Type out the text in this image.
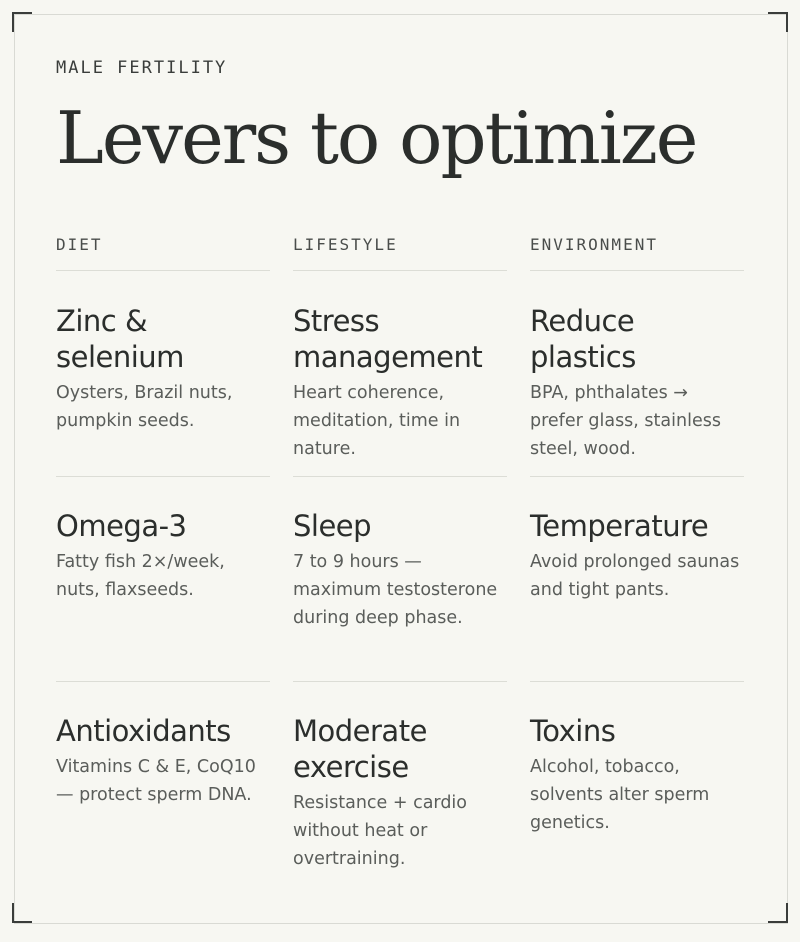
MALE FERTILITY
Levers to optimize
DIET
Zinc & selenium
Oysters, Brazil nuts, pumpkin seeds.
Omega-3
Fatty fish 2×/week, nuts, flaxseeds.
Antioxidants
Vitamins C & E, CoQ10 — protect sperm DNA.
LIFESTYLE
Stress management
Heart coherence, meditation, time in nature.
Sleep
7 to 9 hours — maximum testosterone during deep phase.
Moderate exercise
Resistance + cardio without heat or overtraining.
ENVIRONMENT
Reduce plastics
BPA, phthalates → prefer glass, stainless steel, wood.
Temperature
Avoid prolonged saunas and tight pants.
Toxins
Alcohol, tobacco, solvents alter sperm genetics.
